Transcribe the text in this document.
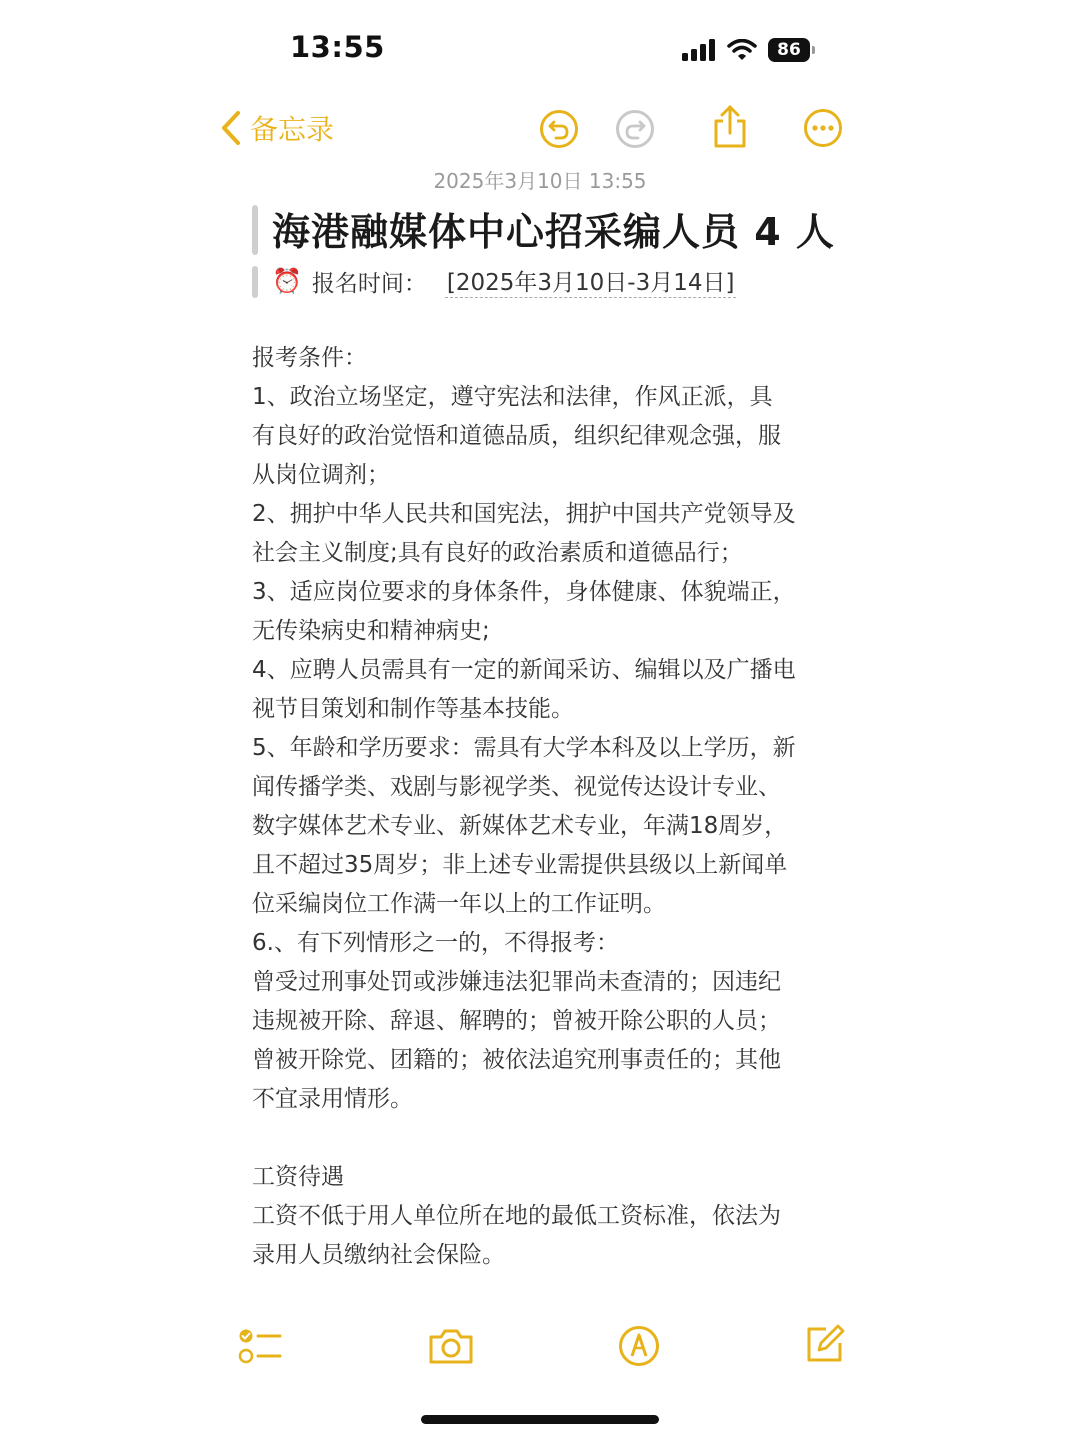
13:55	86
备忘录
2025年3月10日 13:55
海港融媒体中心招采编人员 4 人
⏰ 报名时间： [2025年3月10日-3月14日]

报考条件：

1、政治立场坚定，遵守宪法和法律，作风正派，具

有良好的政治觉悟和道德品质，组织纪律观念强，服

从岗位调剂；

2、拥护中华人民共和国宪法，拥护中国共产党领导及

社会主义制度;具有良好的政治素质和道德品行；

3、适应岗位要求的身体条件，身体健康、体貌端正，

无传染病史和精神病史;

4、应聘人员需具有一定的新闻采访、编辑以及广播电

视节目策划和制作等基本技能。

5、年龄和学历要求：需具有大学本科及以上学历，新

闻传播学类、戏剧与影视学类、视觉传达设计专业、

数字媒体艺术专业、新媒体艺术专业，年满18周岁，

且不超过35周岁；非上述专业需提供县级以上新闻单

位采编岗位工作满一年以上的工作证明。

6.、有下列情形之一的，不得报考：

曾受过刑事处罚或涉嫌违法犯罪尚未查清的；因违纪

违规被开除、辞退、解聘的；曾被开除公职的人员；

曾被开除党、团籍的；被依法追究刑事责任的；其他

不宜录用情形。

工资待遇

工资不低于用人单位所在地的最低工资标准，依法为

录用人员缴纳社会保险。
